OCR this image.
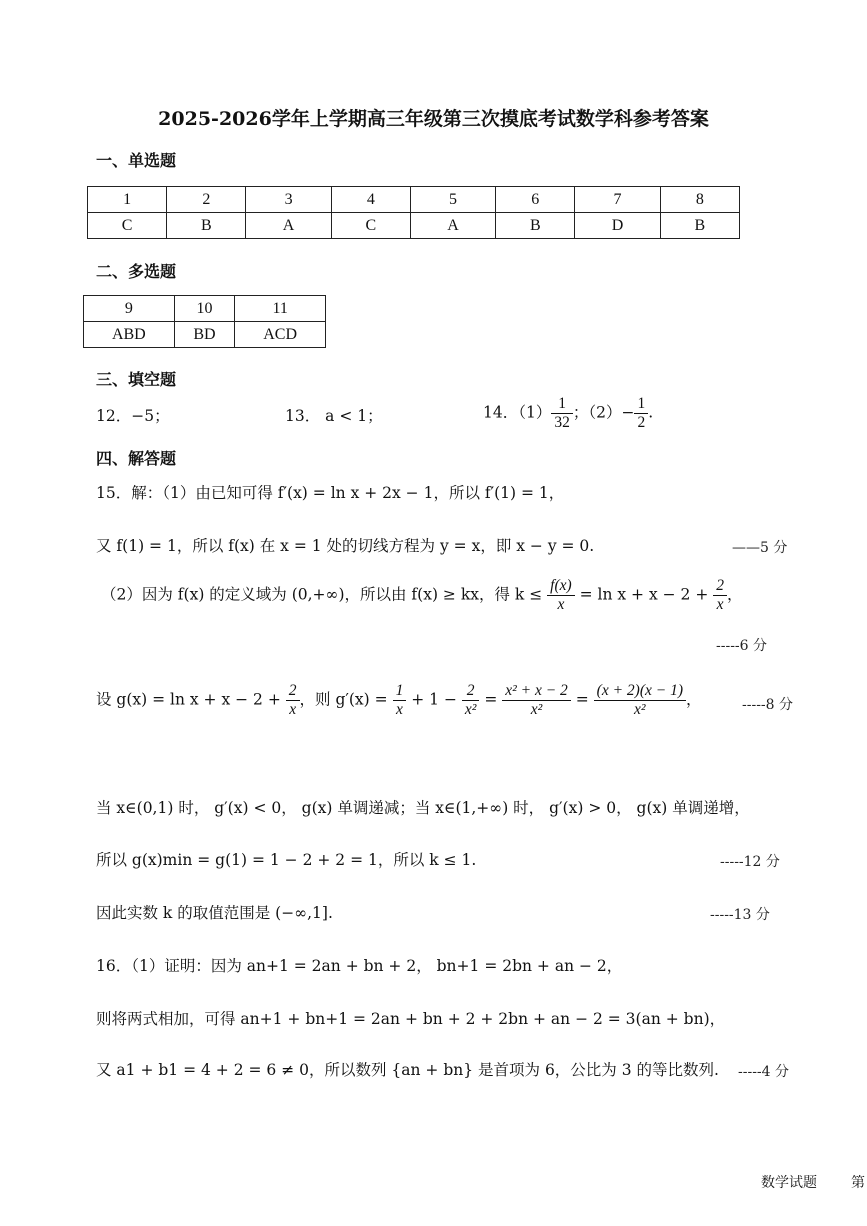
2025-2026学年上学期高三年级第三次摸底考试数学科参考答案
一、单选题
1	2	3	4	5	6	7	8
C	B	A	C	A	B	D	B
二、多选题
9	10	11
ABD	BD	ACD
三、填空题
12．−5；	13． a < 1；	14．$(1) \frac{1}{32}$ ；$(2)- \frac{1}{2}$ .
四、解答题
15．解：（1）由已知可得 f′(x) = ln x + 2x − 1，所以 f′(1) = 1，
又 f(1) = 1，所以 f(x) 在 x = 1 处的切线方程为 y = x，即 x − y = 0.	——5 分
（2）因为 f(x) 的定义域为 (0,+∞)，所以由 f(x) ≥ kx，得 $k \le \frac{f(x)}{x} = \ln x + x - 2 + \frac{2}{x}$ ，
-----6 分
设 $g(x) = \ln x + x - 2 + \frac{2}{x}$ ，则 $g'(x) = \frac{1}{x} + 1 - \frac{2}{\text{x²}} = \frac{\text{x² + x − 2}}{\text{x²}} = \frac{(x + 2)(x - 1)}{\text{x²}}$ ，	-----8 分
当 x∈(0,1) 时， g′(x) < 0， g(x) 单调递减；当 x∈(1,+∞) 时， g′(x) > 0， g(x) 单调递增，
所以 g(x)min = g(1) = 1 − 2 + 2 = 1，所以 k ≤ 1.	-----12 分
因此实数 k 的取值范围是 (−∞,1].	-----13 分
16．（1）证明：因为 an+1 = 2an + bn + 2， bn+1 = 2bn + an − 2，
则将两式相加，可得 an+1 + bn+1 = 2an + bn + 2 + 2bn + an − 2 = 3(an + bn)，
又 a1 + b1 = 4 + 2 = 6 ≠ 0，所以数列 {an + bn} 是首项为 6，公比为 3 的等比数列. -----4 分
数学试题 第
